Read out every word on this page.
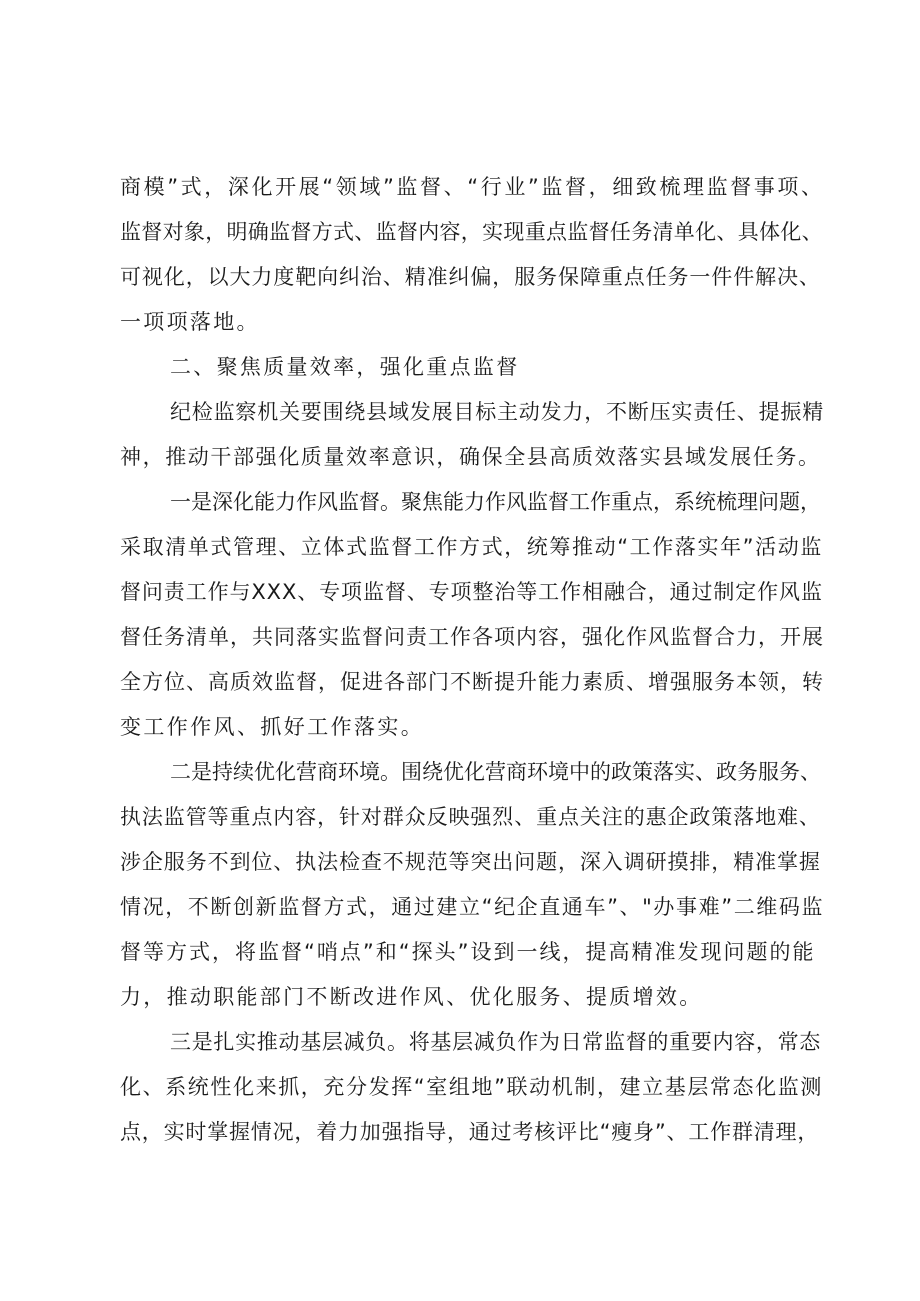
商模”式，深化开展“领域”监督、“行业”监督，细致梳理监督事项、
监督对象，明确监督方式、监督内容，实现重点监督任务清单化、具体化、
可视化，以大力度靶向纠治、精准纠偏，服务保障重点任务一件件解决、
一项项落地。
二、聚焦质量效率，强化重点监督
纪检监察机关要围绕县域发展目标主动发力，不断压实责任、提振精
神，推动干部强化质量效率意识，确保全县高质效落实县域发展任务。
一是深化能力作风监督。聚焦能力作风监督工作重点，系统梳理问题，
采取清单式管理、立体式监督工作方式，统筹推动“工作落实年”活动监
督问责工作与XXX、专项监督、专项整治等工作相融合，通过制定作风监
督任务清单，共同落实监督问责工作各项内容，强化作风监督合力，开展
全方位、高质效监督，促进各部门不断提升能力素质、增强服务本领，转
变工作作风、抓好工作落实。
二是持续优化营商环境。围绕优化营商环境中的政策落实、政务服务、
执法监管等重点内容，针对群众反映强烈、重点关注的惠企政策落地难、
涉企服务不到位、执法检查不规范等突出问题，深入调研摸排，精准掌握
情况，不断创新监督方式，通过建立“纪企直通车”、"办事难”二维码监
督等方式，将监督“哨点”和“探头”设到一线，提高精准发现问题的能
力，推动职能部门不断改进作风、优化服务、提质增效。
三是扎实推动基层减负。将基层减负作为日常监督的重要内容，常态
化、系统性化来抓，充分发挥“室组地”联动机制，建立基层常态化监测
点，实时掌握情况，着力加强指导，通过考核评比“瘦身”、工作群清理，
